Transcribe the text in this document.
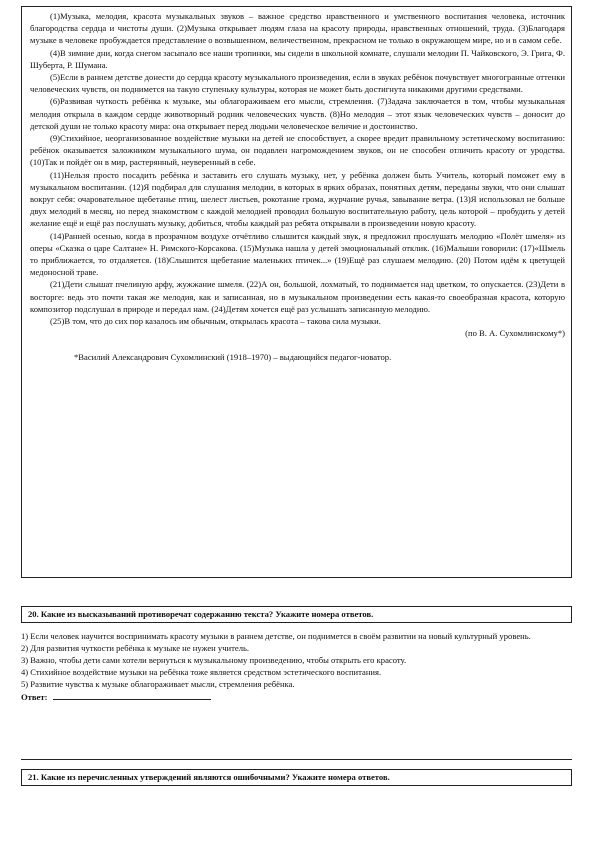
(1)Музыка, мелодия, красота музыкальных звуков – важное средство нравственного и умственного воспитания человека, источник благородства сердца и чистоты души. (2)Музыка открывает людям глаза на красоту природы, нравственных отношений, труда. (3)Благодаря музыке в человеке пробуждается представление о возвышенном, величественном, прекрасном не только в окружающем мире, но и в самом себе.

(4)В зимние дни, когда снегом засыпало все наши тропинки, мы сидели в школьной комнате, слушали мелодии П. Чайковского, Э. Грига, Ф. Шуберта, Р. Шумана.

(5)Если в раннем детстве донести до сердца красоту музыкального произведения, если в звуках ребёнок почувствует многогранные оттенки человеческих чувств, он поднимется на такую ступеньку культуры, которая не может быть достигнута никакими другими средствами.

(6)Развивая чуткость ребёнка к музыке, мы облагораживаем его мысли, стремления. (7)Задача заключается в том, чтобы музыкальная мелодия открыла в каждом сердце животворный родник человеческих чувств. (8)Но мелодия – этот язык человеческих чувств – доносит до детской души не только красоту мира: она открывает перед людьми человеческое величие и достоинство.

(9)Стихийное, неорганизованное воздействие музыки на детей не способствует, а скорее вредит правильному эстетическому воспитанию: ребёнок оказывается заложником музыкального шума, он подавлен нагромождением звуков, он не способен отличить красоту от уродства. (10)Так и пойдёт он в мир, растерянный, неуверенный в себе.

(11)Нельзя просто посадить ребёнка и заставить его слушать музыку, нет, у ребёнка должен быть Учитель, который поможет ему в музыкальном воспитании. (12)Я подбирал для слушания мелодии, в которых в ярких образах, понятных детям, переданы звуки, что они слышат вокруг себя: очаровательное щебетанье птиц, шелест листьев, рокотание грома, журчание ручья, завывание ветра. (13)Я использовал не больше двух мелодий в месяц, но перед знакомством с каждой мелодией проводил большую воспитательную работу, цель которой – пробудить у детей желание ещё и ещё раз послушать музыку, добиться, чтобы каждый раз ребята открывали в произведении новую красоту.

(14)Ранней осенью, когда в прозрачном воздухе отчётливо слышится каждый звук, я предложил прослушать мелодию «Полёт шмеля» из оперы «Сказка о царе Салтане» Н. Римского-Корсакова. (15)Музыка нашла у детей эмоциональный отклик. (16)Малыши говорили: (17)«Шмель то приближается, то отдаляется. (18)Слышится щебетание маленьких птичек...» (19)Ещё раз слушаем мелодию. (20) Потом идём к цветущей медоносной траве.

(21)Дети слышат пчелиную арфу, жужжание шмеля. (22)А он, большой, лохматый, то поднимается над цветком, то опускается. (23)Дети в восторге: ведь это почти такая же мелодия, как и записанная, но в музыкальном произведении есть какая-то своеобразная красота, которую композитор подслушал в природе и передал нам. (24)Детям хочется ещё раз услышать записанную мелодию.

(25)В том, что до сих пор казалось им обычным, открылась красота – такова сила музыки.

(по В. А. Сухомлинскому*)

*Василий Александрович Сухомлинский (1918–1970) – выдающийся педагог-новатор.

20. Какие из высказываний противоречат содержанию текста? Укажите номера ответов.

1) Если человек научится воспринимать красоту музыки в раннем детстве, он поднимется в своём развитии на новый культурный уровень.

2) Для развития чуткости ребёнка к музыке не нужен учитель.

3) Важно, чтобы дети сами хотели вернуться к музыкальному произведению, чтобы открыть его красоту.

4) Стихийное воздействие музыки на ребёнка тоже является средством эстетического воспитания.

5) Развитие чувства к музыке облагораживает мысли, стремления ребёнка.

Ответ:

21. Какие из перечисленных утверждений являются ошибочными? Укажите номера ответов.
